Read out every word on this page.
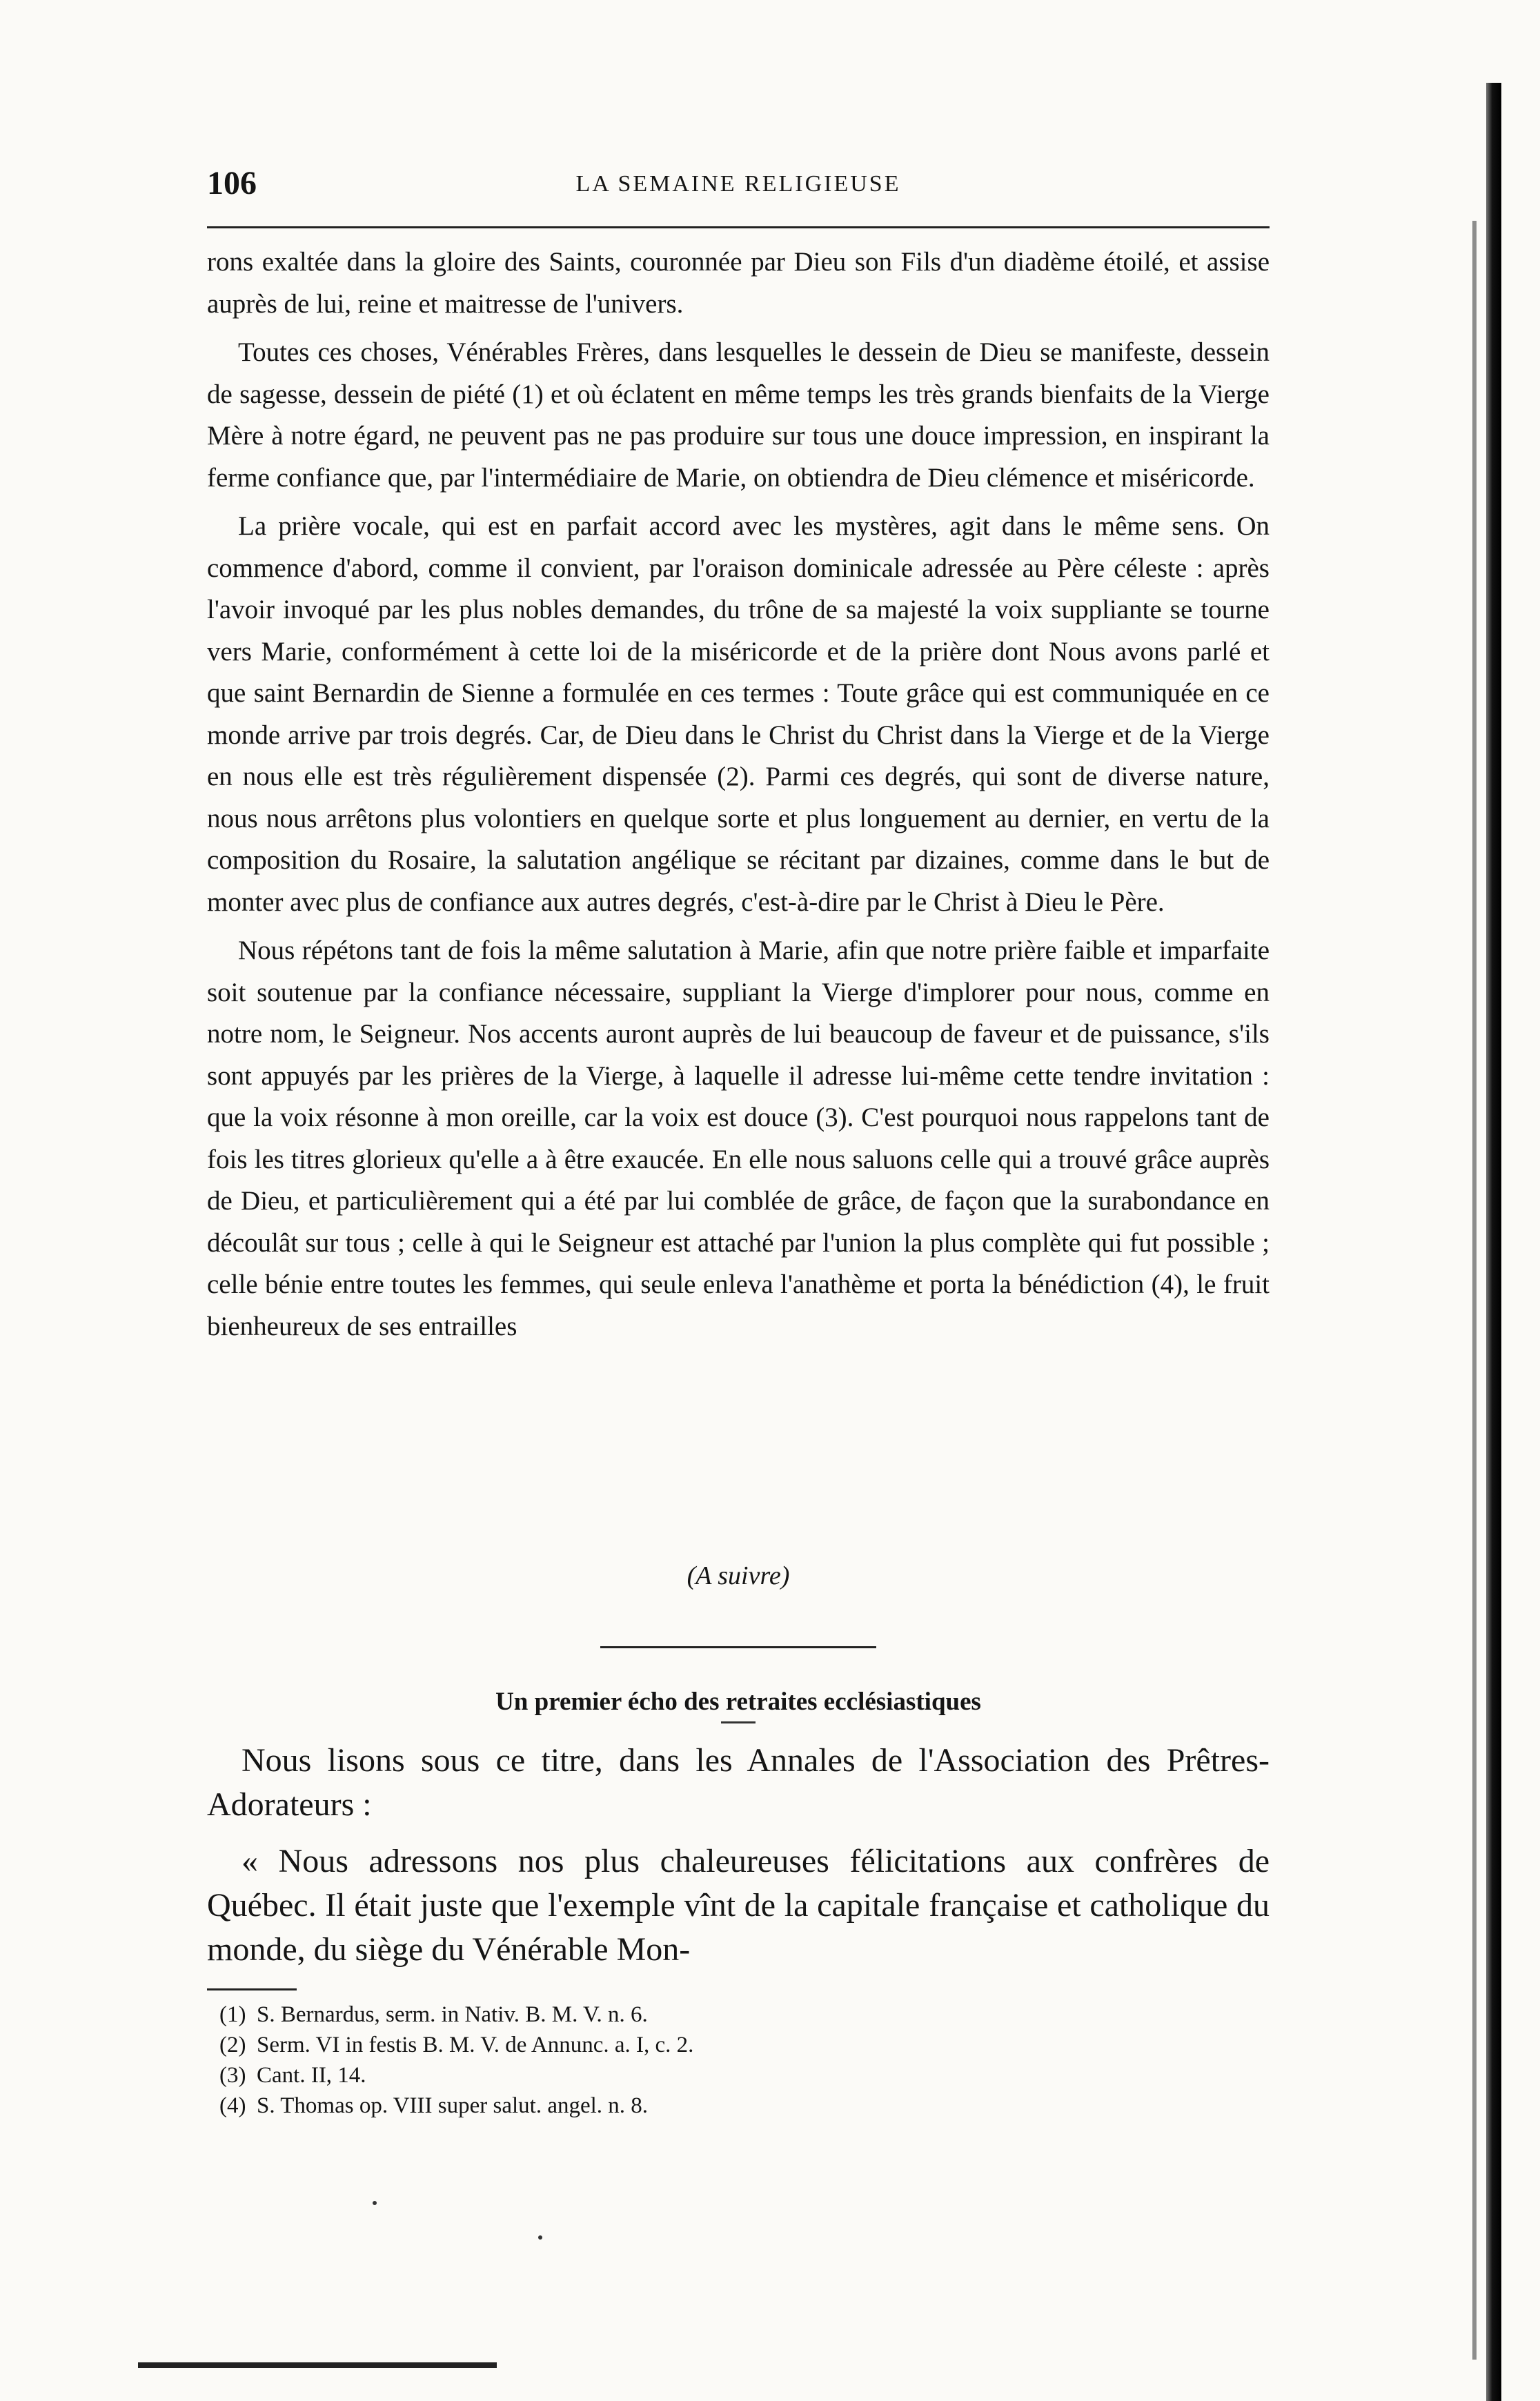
106	LA SEMAINE RELIGIEUSE

rons exaltée dans la gloire des Saints, couronnée par Dieu son Fils d'un diadème étoilé, et assise auprès de lui, reine et maitresse de l'univers.

Toutes ces choses, Vénérables Frères, dans lesquelles le dessein de Dieu se manifeste, dessein de sagesse, dessein de piété (1) et où éclatent en même temps les très grands bienfaits de la Vierge Mère à notre égard, ne peuvent pas ne pas produire sur tous une douce impression, en inspirant la ferme confiance que, par l'intermédiaire de Marie, on obtiendra de Dieu clémence et miséricorde.

La prière vocale, qui est en parfait accord avec les mystères, agit dans le même sens. On commence d'abord, comme il convient, par l'oraison dominicale adressée au Père céleste : après l'avoir invoqué par les plus nobles demandes, du trône de sa majesté la voix suppliante se tourne vers Marie, conformément à cette loi de la miséricorde et de la prière dont Nous avons parlé et que saint Bernardin de Sienne a formulée en ces termes : Toute grâce qui est communiquée en ce monde arrive par trois degrés. Car, de Dieu dans le Christ du Christ dans la Vierge et de la Vierge en nous elle est très régulièrement dispensée (2). Parmi ces degrés, qui sont de diverse nature, nous nous arrêtons plus volontiers en quelque sorte et plus longuement au dernier, en vertu de la composition du Rosaire, la salutation angélique se récitant par dizaines, comme dans le but de monter avec plus de confiance aux autres degrés, c'est-à-dire par le Christ à Dieu le Père.

Nous répétons tant de fois la même salutation à Marie, afin que notre prière faible et imparfaite soit soutenue par la confiance nécessaire, suppliant la Vierge d'implorer pour nous, comme en notre nom, le Seigneur. Nos accents auront auprès de lui beaucoup de faveur et de puissance, s'ils sont appuyés par les prières de la Vierge, à laquelle il adresse lui-même cette tendre invitation : que la voix résonne à mon oreille, car la voix est douce (3). C'est pourquoi nous rappelons tant de fois les titres glorieux qu'elle a à être exaucée. En elle nous saluons celle qui a trouvé grâce auprès de Dieu, et particulièrement qui a été par lui comblée de grâce, de façon que la surabondance en découlât sur tous ; celle à qui le Seigneur est attaché par l'union la plus complète qui fut possible ; celle bénie entre toutes les femmes, qui seule enleva l'anathème et porta la bénédiction (4), le fruit bienheureux de ses entrailles

(A suivre)
Un premier écho des retraites ecclésiastiques

Nous lisons sous ce titre, dans les Annales de l'Association des Prêtres-Adorateurs :

« Nous adressons nos plus chaleureuses félicitations aux confrères de Québec. Il était juste que l'exemple vînt de la capitale française et catholique du monde, du siège du Vénérable Mon-

(1) S. Bernardus, serm. in Nativ. B. M. V. n. 6.
(2) Serm. VI in festis B. M. V. de Annunc. a. I, c. 2.
(3) Cant. II, 14.
(4) S. Thomas op. VIII super salut. angel. n. 8.
